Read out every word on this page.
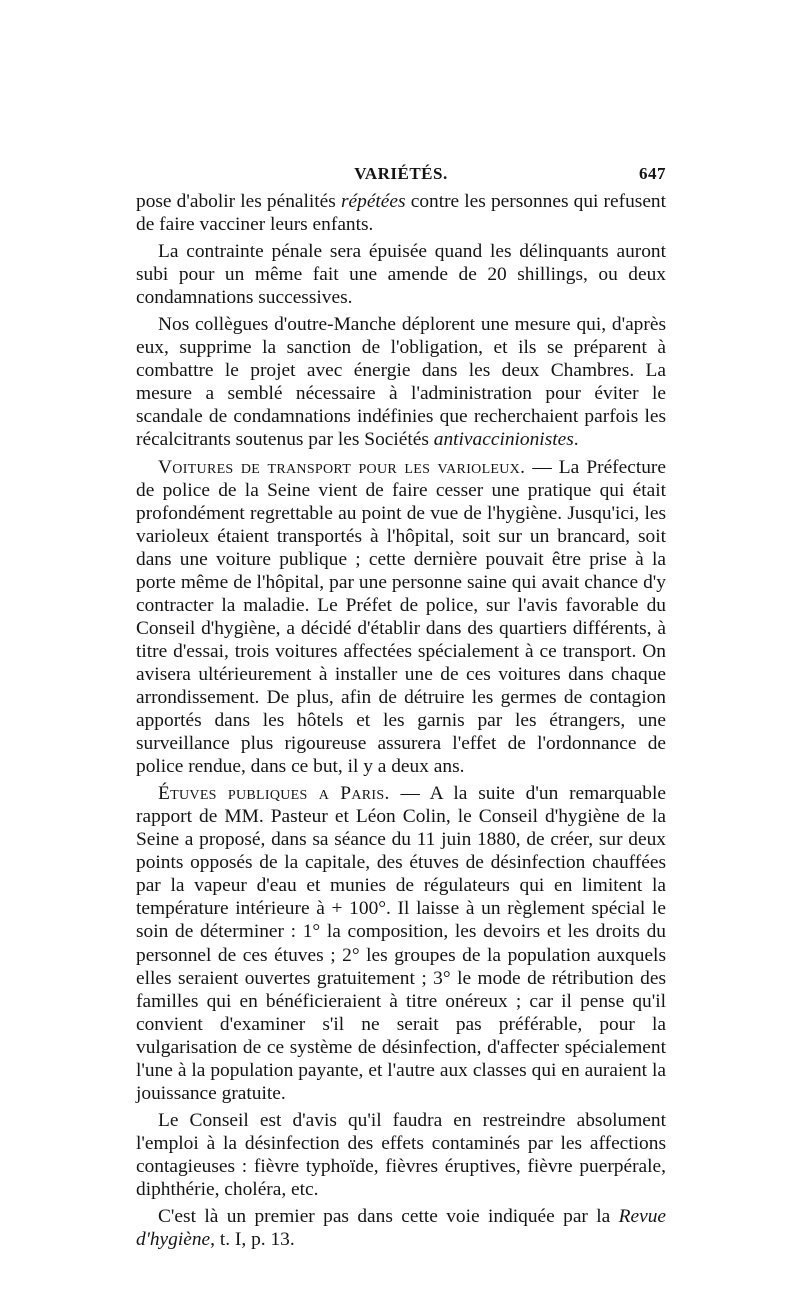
VARIÉTÉS.	647

pose d'abolir les pénalités répétées contre les personnes qui refusent de faire vacciner leurs enfants.

La contrainte pénale sera épuisée quand les délinquants auront subi pour un même fait une amende de 20 shillings, ou deux condamnations successives.

Nos collègues d'outre-Manche déplorent une mesure qui, d'après eux, supprime la sanction de l'obligation, et ils se préparent à combattre le projet avec énergie dans les deux Chambres. La mesure a semblé nécessaire à l'administration pour éviter le scandale de condamnations indéfinies que recherchaient parfois les récalcitrants soutenus par les Sociétés antivaccinionistes.

Voitures de transport pour les varioleux. — La Préfecture de police de la Seine vient de faire cesser une pratique qui était profondément regrettable au point de vue de l'hygiène. Jusqu'ici, les varioleux étaient transportés à l'hôpital, soit sur un brancard, soit dans une voiture publique ; cette dernière pouvait être prise à la porte même de l'hôpital, par une personne saine qui avait chance d'y contracter la maladie. Le Préfet de police, sur l'avis favorable du Conseil d'hygiène, a décidé d'établir dans des quartiers différents, à titre d'essai, trois voitures affectées spécialement à ce transport. On avisera ultérieurement à installer une de ces voitures dans chaque arrondissement. De plus, afin de détruire les germes de contagion apportés dans les hôtels et les garnis par les étrangers, une surveillance plus rigoureuse assurera l'effet de l'ordonnance de police rendue, dans ce but, il y a deux ans.

Étuves publiques a Paris. — A la suite d'un remarquable rapport de MM. Pasteur et Léon Colin, le Conseil d'hygiène de la Seine a proposé, dans sa séance du 11 juin 1880, de créer, sur deux points opposés de la capitale, des étuves de désinfection chauffées par la vapeur d'eau et munies de régulateurs qui en limitent la température intérieure à + 100°. Il laisse à un règlement spécial le soin de déterminer : 1° la composition, les devoirs et les droits du personnel de ces étuves ; 2° les groupes de la population auxquels elles seraient ouvertes gratuitement ; 3° le mode de rétribution des familles qui en bénéficieraient à titre onéreux ; car il pense qu'il convient d'examiner s'il ne serait pas préférable, pour la vulgarisation de ce système de désinfection, d'affecter spécialement l'une à la population payante, et l'autre aux classes qui en auraient la jouissance gratuite.

Le Conseil est d'avis qu'il faudra en restreindre absolument l'emploi à la désinfection des effets contaminés par les affections contagieuses : fièvre typhoïde, fièvres éruptives, fièvre puerpérale, diphthérie, choléra, etc.

C'est là un premier pas dans cette voie indiquée par la Revue d'hygiène, t. I, p. 13.
